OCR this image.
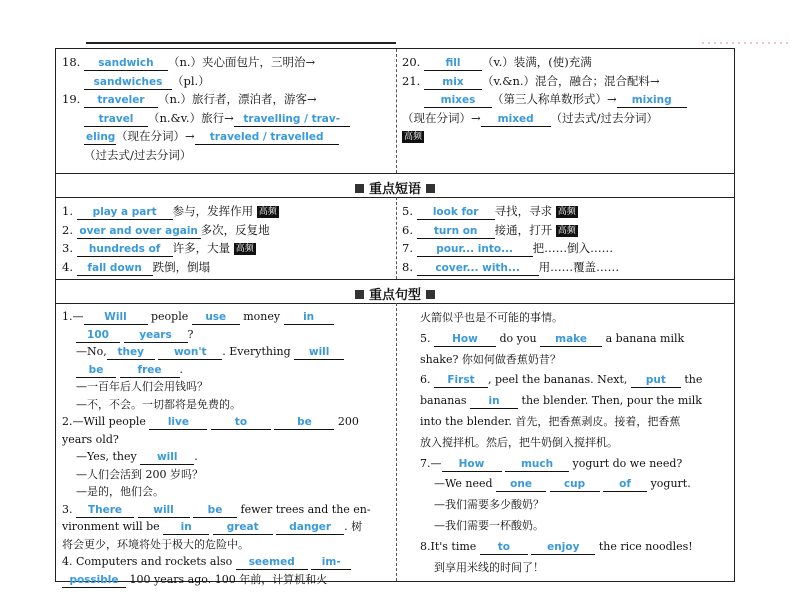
18. sandwich （n.）夹心面包片，三明治→
sandwiches （pl.）
19. traveler （n.）旅行者，漂泊者，游客→
travel （n.&v.）旅行→ travelling / trav-
eling（现在分词）→ traveled / travelled
（过去式/过去分词）
20. fill （v.）装满，(使)充满
21. mix （v.&n.）混合，融合；混合配料→
mixes （第三人称单数形式）→ mixing
（现在分词）→ mixed （过去式/过去分词）
高频
重点短语
1. play a part 参与，发挥作用 高频
2. over and over again 多次，反复地
3. hundreds of 许多，大量 高频
4. fall down 跌倒，倒塌
5. look for 寻找，寻求 高频
6. turn on 接通，打开 高频
7. pour... into... 把……倒入……
8. cover... with... 用……覆盖……
重点句型
1.— Will people use money in
100	years ?
—No, they	won't . Everything will
be	free .
—一百年后人们会用钱吗？
—不，不会。一切都将是免费的。
2.—Will people live	to	be 200
years old?
—Yes, they will .
—人们会活到 200 岁吗？
—是的，他们会。
3. There	will	be fewer trees and the en-
vironment will be in	great	danger . 树
将会更少，环境将处于极大的危险中。
4. Computers and rockets also seemed	im-
possible 100 years ago. 100 年前，计算机和火
火箭似乎也是不可能的事情。
5. How do you make a banana milk
shake? 你如何做香蕉奶昔？
6. First , peel the bananas. Next, put the
bananas in the blender. Then, pour the milk
into the blender. 首先，把香蕉剥皮。接着，把香蕉
放入搅拌机。然后，把牛奶倒入搅拌机。
7.— How	much yogurt do we need?
—We need one	cup	of yogurt.
—我们需要多少酸奶？
—我们需要一杯酸奶。
8.It's time to	enjoy the rice noodles!
到享用米线的时间了！
